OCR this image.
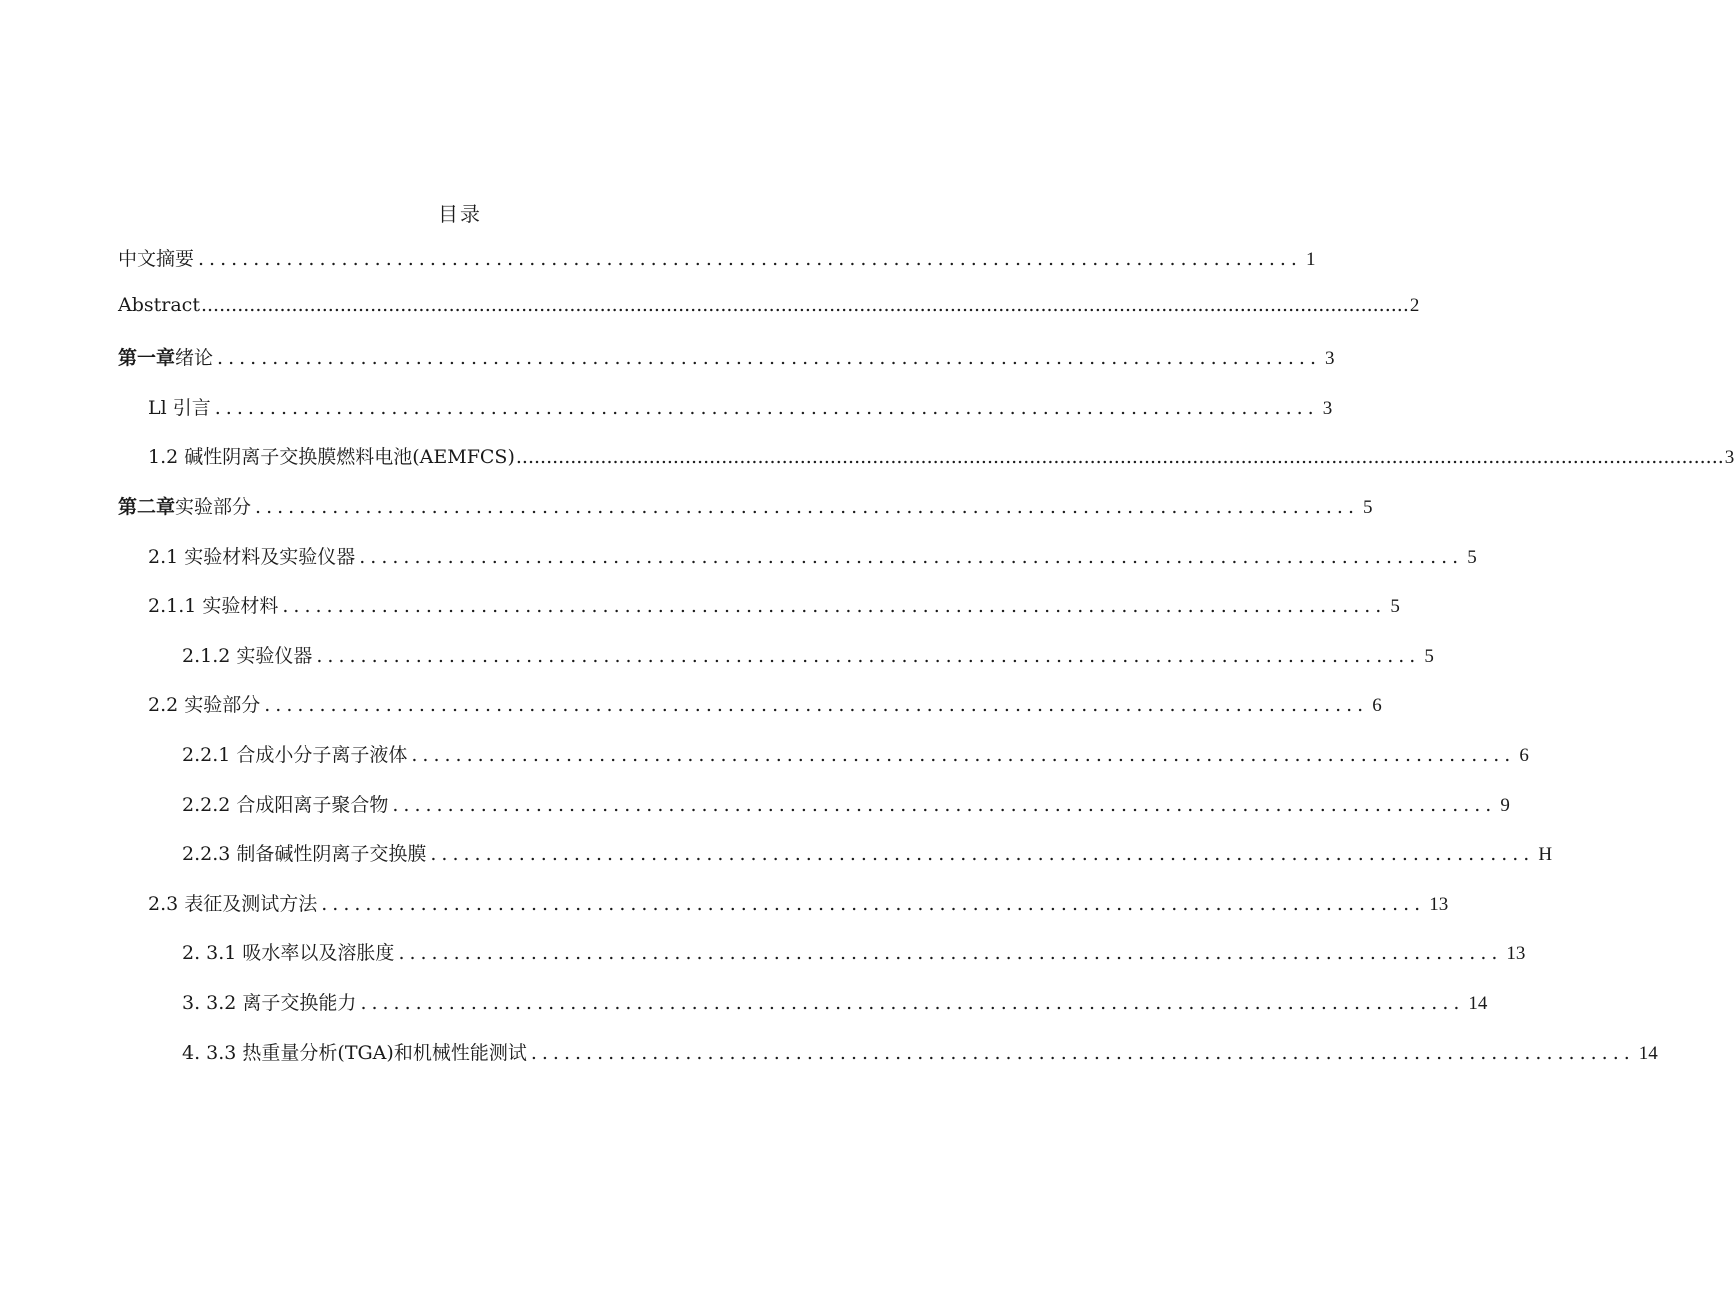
目录
中文摘要 .................................................................................................... 1
Abstract ........................................................................................................................................................................................................ 2
第一章绪论 .................................................................................................... 3
Ll 引言 .................................................................................................... 3
1.2 碱性阴离子交换膜燃料电池(AEMFCS) ........................................................................................................................................................................................................ 3
第二章实验部分 .................................................................................................... 5
2.1 实验材料及实验仪器 .................................................................................................... 5
2.1.1 实验材料 .................................................................................................... 5
2.1.2 实验仪器 .................................................................................................... 5
2.2 实验部分 .................................................................................................... 6
2.2.1 合成小分子离子液体 .................................................................................................... 6
2.2.2 合成阳离子聚合物 .................................................................................................... 9
2.2.3 制备碱性阴离子交换膜 .................................................................................................... H
2.3 表征及测试方法 .................................................................................................... 13
2. 3.1 吸水率以及溶胀度 .................................................................................................... 13
3. 3.2 离子交换能力 .................................................................................................... 14
4. 3.3 热重量分析(TGA)和机械性能测试 .................................................................................................... 14
